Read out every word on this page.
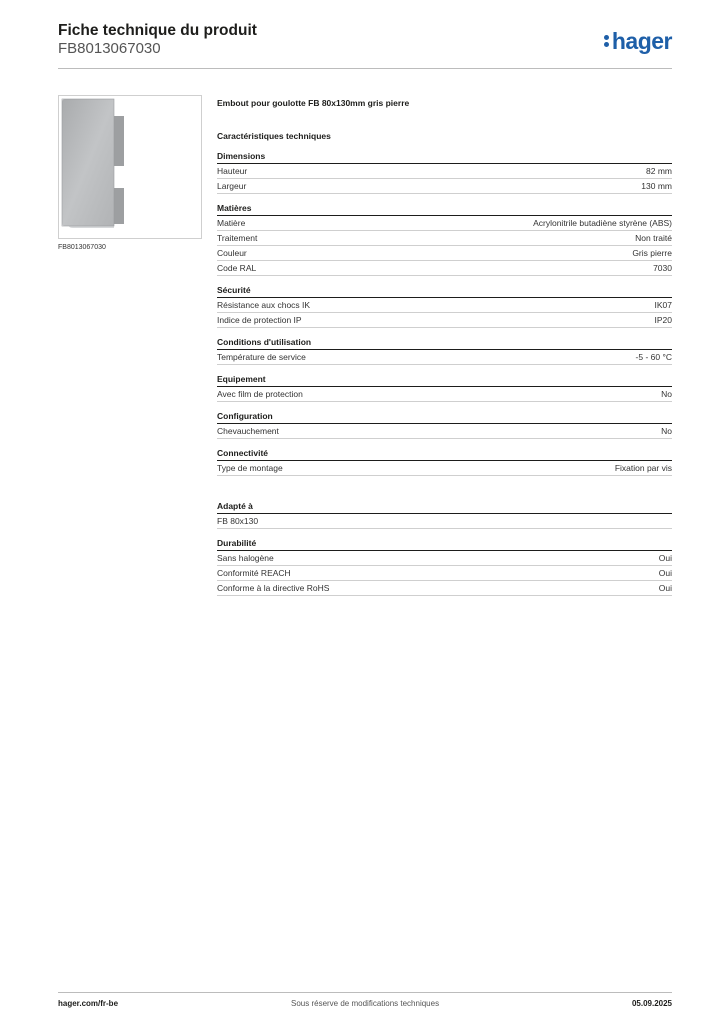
Fiche technique du produit
FB8013067030	hager
FB8013067030
Embout pour goulotte FB 80x130mm gris pierre
Caractéristiques techniques
Dimensions
Hauteur	82 mm
Largeur	130 mm
Matières
Matière	Acrylonitrile butadiène styrène (ABS)
Traitement	Non traité
Couleur	Gris pierre
Code RAL	7030
Sécurité
Résistance aux chocs IK	IK07
Indice de protection IP	IP20
Conditions d'utilisation
Température de service	-5 - 60 °C
Equipement
Avec film de protection	No
Configuration
Chevauchement	No
Connectivité
Type de montage	Fixation par vis
Adapté à
FB 80x130
Durabilité
Sans halogène	Oui
Conformité REACH	Oui
Conforme à la directive RoHS	Oui
hager.com/fr-be	Sous réserve de modifications techniques	05.09.2025
